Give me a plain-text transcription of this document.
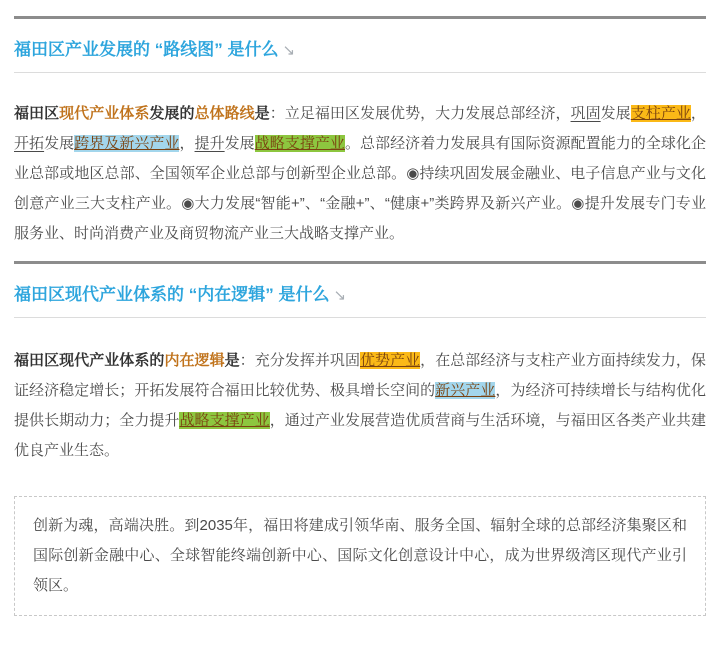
福田区产业发展的 “路线图” 是什么 ↘

福田区现代产业体系发展的总体路线是：立足福田区发展优势，大力发展总部经济，巩固发展支柱产业，开拓发展跨界及新兴产业，提升发展战略支撑产业。总部经济着力发展具有国际资源配置能力的全球化企业总部或地区总部、全国领军企业总部与创新型企业总部。◉持续巩固发展金融业、电子信息产业与文化创意产业三大支柱产业。◉大力发展“智能+”、“金融+”、“健康+”类跨界及新兴产业。◉提升发展专门专业服务业、时尚消费产业及商贸物流产业三大战略支撑产业。

福田区现代产业体系的 “内在逻辑” 是什么 ↘

福田区现代产业体系的内在逻辑是：充分发挥并巩固优势产业，在总部经济与支柱产业方面持续发力，保证经济稳定增长；开拓发展符合福田比较优势、极具增长空间的新兴产业，为经济可持续增长与结构优化提供长期动力；全力提升战略支撑产业，通过产业发展营造优质营商与生活环境，与福田区各类产业共建优良产业生态。

创新为魂，高端决胜。到2035年，福田将建成引领华南、服务全国、辐射全球的总部经济集聚区和国际创新金融中心、全球智能终端创新中心、国际文化创意设计中心，成为世界级湾区现代产业引领区。
